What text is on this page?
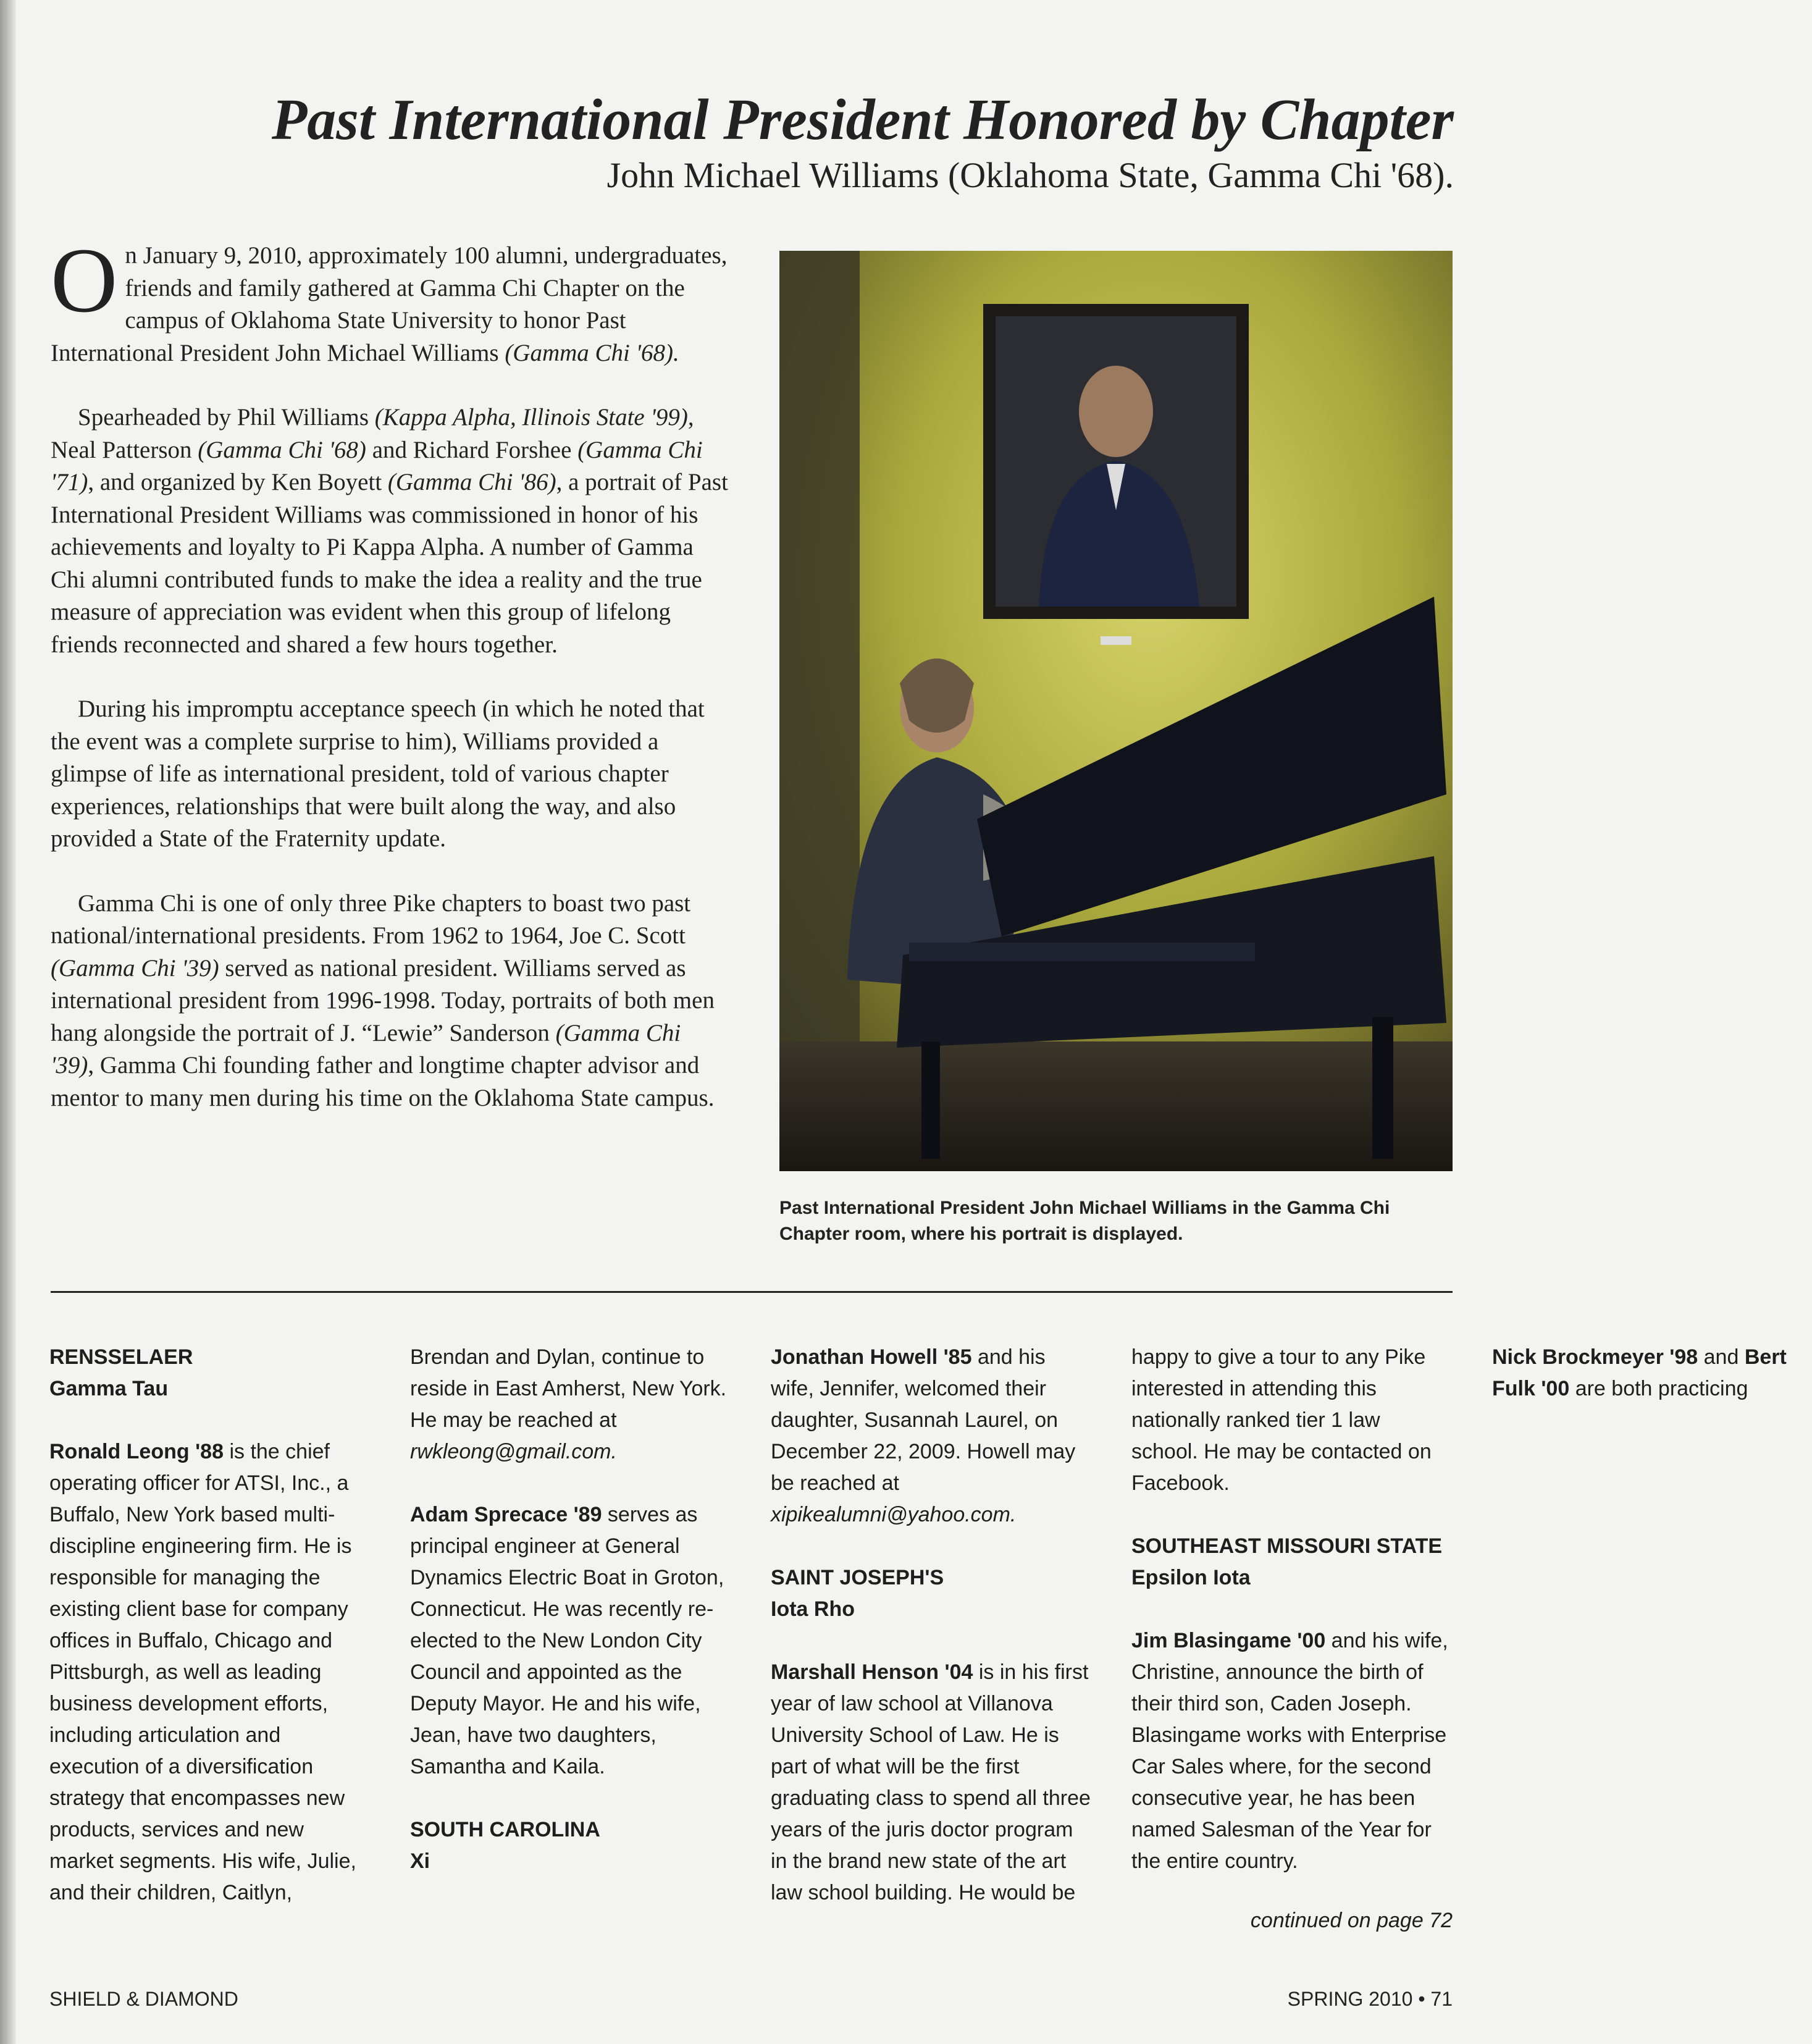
Past International President Honored by Chapter
John Michael Williams (Oklahoma State, Gamma Chi '68).

On January 9, 2010, approximately 100 alumni, undergraduates, friends and family gathered at Gamma Chi Chapter on the campus of Oklahoma State University to honor Past International President John Michael Williams (Gamma Chi '68).

Spearheaded by Phil Williams (Kappa Alpha, Illinois State '99), Neal Patterson (Gamma Chi '68) and Richard Forshee (Gamma Chi '71), and organized by Ken Boyett (Gamma Chi '86), a portrait of Past International President Williams was commissioned in honor of his achievements and loyalty to Pi Kappa Alpha. A number of Gamma Chi alumni contributed funds to make the idea a reality and the true measure of appreciation was evident when this group of lifelong friends reconnected and shared a few hours together.

During his impromptu acceptance speech (in which he noted that the event was a complete surprise to him), Williams provided a glimpse of life as international president, told of various chapter experiences, relationships that were built along the way, and also provided a State of the Fraternity update.

Gamma Chi is one of only three Pike chapters to boast two past national/international presidents. From 1962 to 1964, Joe C. Scott (Gamma Chi '39) served as national president. Williams served as international president from 1996-1998. Today, portraits of both men hang alongside the portrait of J. “Lewie” Sanderson (Gamma Chi '39), Gamma Chi founding father and longtime chapter advisor and mentor to many men during his time on the Oklahoma State campus.

Past International President John Michael Williams in the Gamma Chi Chapter room, where his portrait is displayed.

RENSSELAER

Gamma Tau

Ronald Leong '88 is the chief operating officer for ATSI, Inc., a Buffalo, New York based multi-discipline engineering firm. He is responsible for managing the existing client base for company offices in Buffalo, Chicago and Pittsburgh, as well as leading business development efforts, including articulation and execution of a diversification strategy that encompasses new products, services and new market segments. His wife, Julie, and their children, Caitlyn, Brendan and Dylan, continue to reside in East Amherst, New York. He may be reached at rwkleong@gmail.com.

Adam Sprecace '89 serves as principal engineer at General Dynamics Electric Boat in Groton, Connecticut. He was recently re-elected to the New London City Council and appointed as the Deputy Mayor. He and his wife, Jean, have two daughters, Samantha and Kaila.

SOUTH CAROLINA

Xi

Jonathan Howell '85 and his wife, Jennifer, welcomed their daughter, Susannah Laurel, on December 22, 2009. Howell may be reached at xipikealumni@yahoo.com.

SAINT JOSEPH'S

Iota Rho

Marshall Henson '04 is in his first year of law school at Villanova University School of Law. He is part of what will be the first graduating class to spend all three years of the juris doctor program in the brand new state of the art law school building. He would be happy to give a tour to any Pike interested in attending this nationally ranked tier 1 law school. He may be contacted on Facebook.

SOUTHEAST MISSOURI STATE

Epsilon Iota

Jim Blasingame '00 and his wife, Christine, announce the birth of their third son, Caden Joseph. Blasingame works with Enterprise Car Sales where, for the second consecutive year, he has been named Salesman of the Year for the entire country.

Nick Brockmeyer '98 and Bert Fulk '00 are both practicing

continued on page 72

SHIELD & DIAMOND	SPRING 2010 • 71
